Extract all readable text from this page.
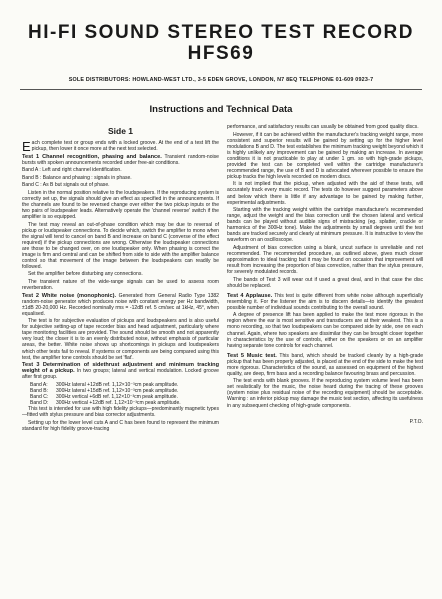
HI-FI SOUND STEREO TEST RECORD
HFS69
SOLE DISTRIBUTORS: HOWLAND-WEST LTD., 3-5 EDEN GROVE, LONDON, N7 8EQ TELEPHONE 01-609 0923-7
Instructions and Technical Data
Side 1

Each complete test or group ends with a locked groove. At the end of a test lift the pickup, then lower it once more at the next test selected.

Test 1 Channel recognition, phasing and balance. Transient random-noise bursts with spoken announcements recorded under free-air conditions.

Band A : Left and right channel identification.

Band B : Balance and phasing : signals in phase.

Band C : As B but signals out of phase.

Listen in the normal position relative to the loudspeakers. If the reproducing system is correctly set up, the signals should give an effect as specified in the announcements. If the channels are found to be reversed change over either the two pickup inputs or the two pairs of loudspeaker leads. Alternatively operate the 'channel reverse' switch if the amplifier is so equipped.

The test may reveal an out-of-phase condition which may be due to reversal of pickup or loudspeaker connections. To decide which, switch the amplifier to mono when the signal will tend to cancel on band B and increase on band C (converse of the effect required) if the pickup connections are wrong. Otherwise the loudspeaker connections are those to be changed over, on one loudspeaker only. When phasing is correct the image is firm and central and can be shifted from side to side with the amplifier balance control so that movement of the image between the loudspeakers can readily be followed.

Set the amplifier before disturbing any connections.

The transient nature of the wide-range signals can be used to assess room reverberation.

Test 2 White noise (monophonic). Generated from General Radio Type 1382 random-noise generator which produces noise with constant energy per Hz bandwidth, ±1dB 20-20,000 Hz. Recorded nominally rms = -12dB ref. 5 cm/sec at 1kHz, 45°, when equalised.

The test is for subjective evaluation of pickups and loudspeakers and is also useful for subjective setting-up of tape recorder bias and head adjustment, particularly where tape monitoring facilities are provided. The sound should be smooth and not apparently very loud; the closer it is to an evenly distributed noise, without emphasis of particular areas, the better. White noise shows up shortcomings in pickups and loudspeakers which other tests fail to reveal. If systems or components are being compared using this test, the amplifier tone controls should be set 'flat'.

Test 3 Determination of sidethrust adjustment and minimum tracking weight of a pickup. In two groups; lateral and vertical modulation. Locked groove after first group.

Band A:	300Hz lateral +12dB ref. 1,12×10⁻³cm peak amplitude.
Band B:	300Hz lateral +15dB ref. 1,12×10⁻³cm peak amplitude.
Band C:	300Hz vertical +6dB ref. 1,12×10⁻³cm peak amplitude.
Band D:	300Hz vertical +12dB ref. 1,12×10⁻³cm peak amplitude.

This test is intended for use with high fidelity pickups—predominantly magnetic types—fitted with stylus pressure and bias corrector adjustments.

Setting up for the lower level cuts A and C has been found to represent the minimum standard for high fidelity groove-tracing

performance, and satisfactory results can usually be obtained from good quality discs.

However, if it can be achieved within the manufacturer's tracking weight range, more consistent and superior results will be gained by setting up for the higher level modulations B and D. The test establishes the minimum tracking weight beyond which it is highly unlikely any improvement can be gained by making an increase. In average conditions it is not practicable to play at under 1 gm. so with high-grade pickups, provided the test can be completed well within the cartridge manufacturer's recommended range, the use of B and D is advocated wherever possible to ensure the pickup tracks the high levels recorded on modern discs.

It is not implied that the pickup, when adjusted with the aid of these tests, will accurately track every music record. The tests do however suggest parameters above and below which there is little if any advantage to be gained by making further, experimental adjustments.

Starting with the tracking weight within the cartridge manufacturer's recommended range, adjust the weight and the bias correction until the chosen lateral and vertical bands can be played without audible signs of mistracking (eg. splatter, crackle or harmonics of the 300Hz tone). Make the adjustments by small degrees until the test bands are tracked securely and clearly at minimum pressure. It is instructive to view the waveform on an oscilloscope.

Adjustment of bias correction using a blank, uncut surface is unreliable and not recommended. The recommended procedure, as outlined above, gives much closer approximation to ideal tracking but it may be found on occasion that improvement will result from increasing the proportion of bias correction, rather than the stylus pressure, for severely modulated records.

The bands of Test 3 will wear out if used a great deal, and in that case the disc should be replaced.

Test 4 Applause. This test is quite different from white noise although superficially resembling it. For the listener the aim is to discern details—to identify the greatest possible number of individual sounds contributing to the overall sound.

A degree of presence lift has been applied to make the test more rigorous in the region where the ear is most sensitive and transducers are at their weakest. This is a mono recording, so that two loudspeakers can be compared side by side, one on each channel. Again, where two speakers are dissimilar they can be brought closer together in characteristics by the use of controls, either on the speakers or on an amplifier having separate tone controls for each channel.

Test 5 Music test. This band, which should be tracked cleanly by a high-grade pickup that has been properly adjusted, is placed at the end of the side to make the test more rigorous. Characteristics of the sound, as assessed on equipment of the highest quality, are deep, firm bass and a recording balance favouring brass and percussion.

The test ends with blank grooves. If the reproducing system volume level has been set realistically for the music, the noise heard during the tracing of these grooves (system noise plus residual noise of the recording equipment) should be acceptable. Warning : an inferior pickup may damage the music test section, affecting its usefulness in any subsequent checking of high-grade components.

P.T.O.
